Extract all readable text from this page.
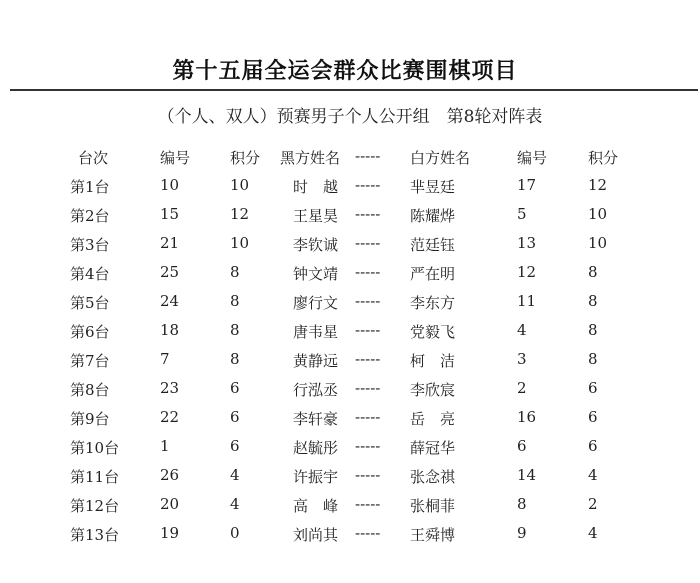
第十五届全运会群众比赛围棋项目
（个人、双人）预赛男子个人公开组　第8轮对阵表
台次	编号	积分 黑方姓名 ----- 白方姓名	编号	积分
第1台	10	10	时　越 ----- 芈昱廷	17	12
第2台	15	12	王星昊 ----- 陈耀烨	5	10
第3台	21	10	李钦诚 ----- 范廷钰	13	10
第4台	25	8	钟文靖 ----- 严在明	12	8
第5台	24	8	廖行文 ----- 李东方	11	8
第6台	18	8	唐韦星 ----- 党毅飞	4	8
第7台	7	8	黄静远 ----- 柯　洁	3	8
第8台	23	6	行泓丞 ----- 李欣宸	2	6
第9台	22	6	李轩豪 ----- 岳　亮	16	6
第10台	1	6	赵毓彤 ----- 薛冠华	6	6
第11台	26	4	许振宇 ----- 张念祺	14	4
第12台	20	4	高　峰 ----- 张桐菲	8	2
第13台	19	0	刘尚其 ----- 王舜博	9	4
